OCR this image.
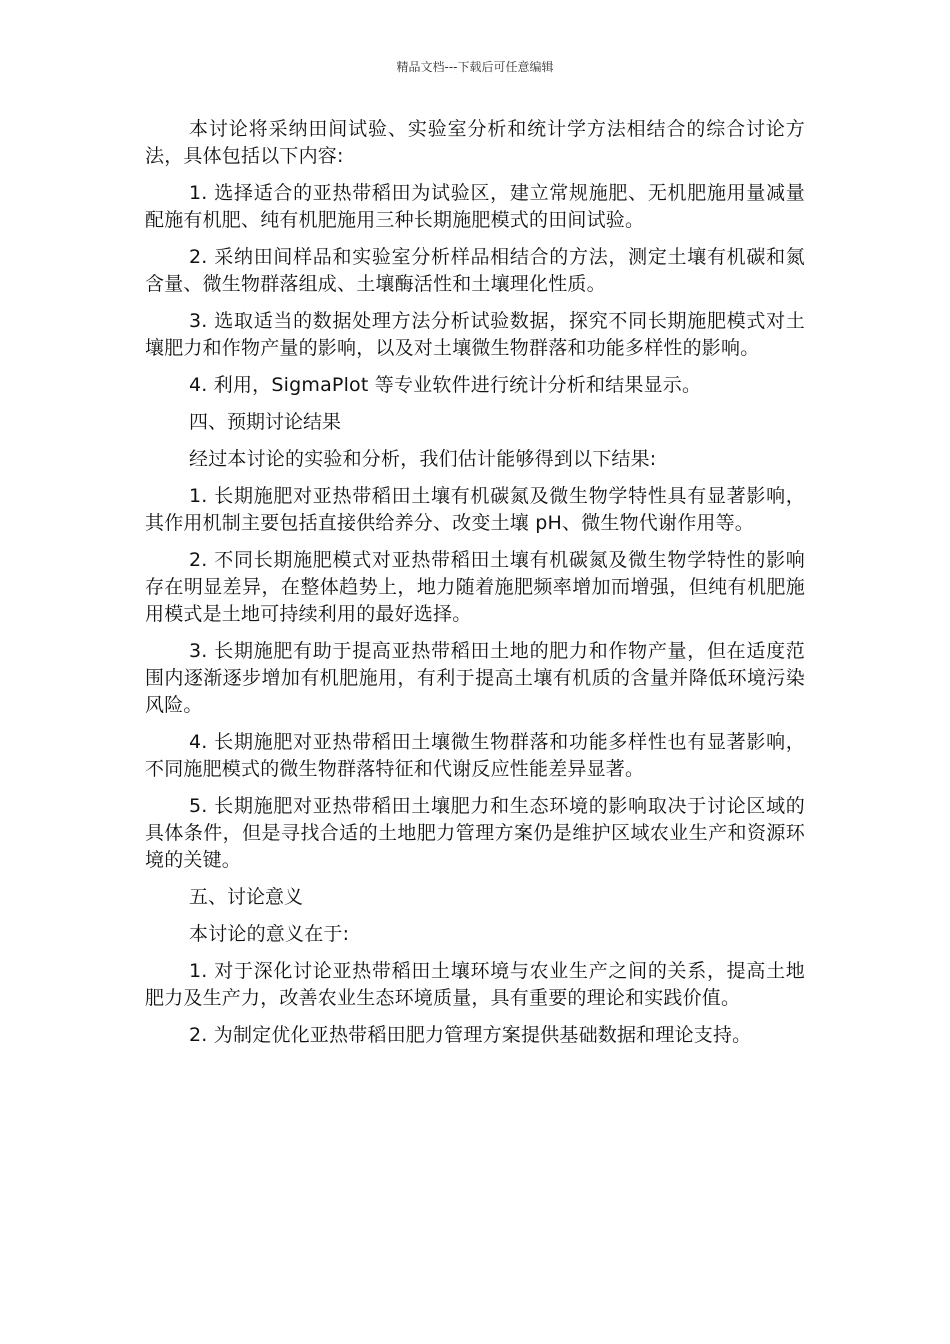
精品文档---下载后可任意编辑

本讨论将采纳田间试验、实验室分析和统计学方法相结合的综合讨论方法，具体包括以下内容:

1. 选择适合的亚热带稻田为试验区，建立常规施肥、无机肥施用量减量配施有机肥、纯有机肥施用三种长期施肥模式的田间试验。

2. 采纳田间样品和实验室分析样品相结合的方法，测定土壤有机碳和氮含量、微生物群落组成、土壤酶活性和土壤理化性质。

3. 选取适当的数据处理方法分析试验数据，探究不同长期施肥模式对土壤肥力和作物产量的影响，以及对土壤微生物群落和功能多样性的影响。

4. 利用，SigmaPlot 等专业软件进行统计分析和结果显示。

四、预期讨论结果

经过本讨论的实验和分析，我们估计能够得到以下结果:

1. 长期施肥对亚热带稻田土壤有机碳氮及微生物学特性具有显著影响，其作用机制主要包括直接供给养分、改变土壤 pH、微生物代谢作用等。

2. 不同长期施肥模式对亚热带稻田土壤有机碳氮及微生物学特性的影响存在明显差异，在整体趋势上，地力随着施肥频率增加而增强，但纯有机肥施用模式是土地可持续利用的最好选择。

3. 长期施肥有助于提高亚热带稻田土地的肥力和作物产量，但在适度范围内逐渐逐步增加有机肥施用，有利于提高土壤有机质的含量并降低环境污染风险。

4. 长期施肥对亚热带稻田土壤微生物群落和功能多样性也有显著影响，不同施肥模式的微生物群落特征和代谢反应性能差异显著。

5. 长期施肥对亚热带稻田土壤肥力和生态环境的影响取决于讨论区域的具体条件，但是寻找合适的土地肥力管理方案仍是维护区域农业生产和资源环境的关键。

五、讨论意义

本讨论的意义在于:

1. 对于深化讨论亚热带稻田土壤环境与农业生产之间的关系，提高土地肥力及生产力，改善农业生态环境质量，具有重要的理论和实践价值。

2. 为制定优化亚热带稻田肥力管理方案提供基础数据和理论支持。
